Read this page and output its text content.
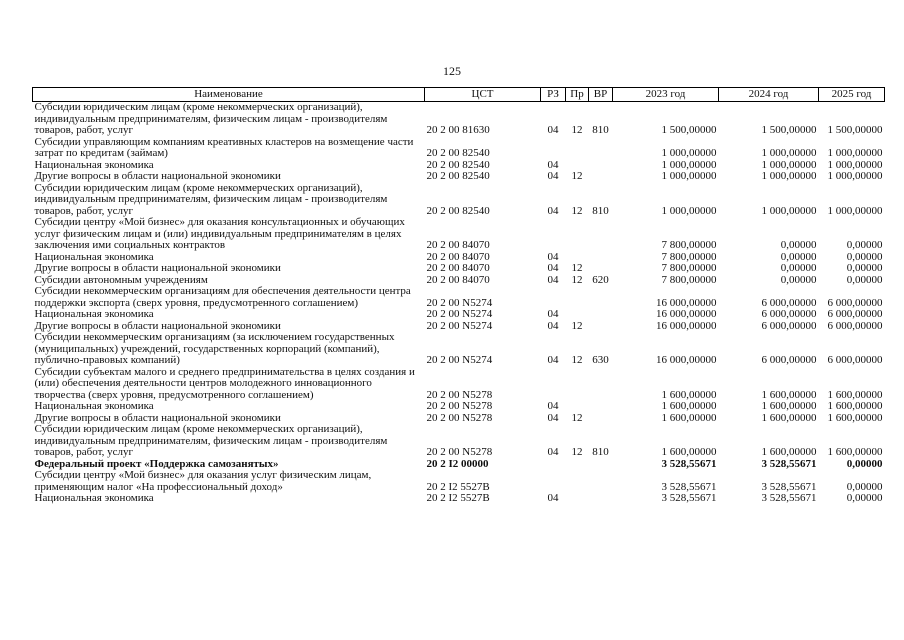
125
Наименование	ЦСТ	РЗ	Пр	ВР	2023 год	2024 год	2025 год
Субсидии юридическим лицам (кроме некоммерческих организаций), индивидуальным предпринимателям, физическим лицам - производителям товаров, работ, услуг	20 2 00 81630	04	12	810	1 500,00000	1 500,00000	1 500,00000
Субсидии управляющим компаниям креативных кластеров на возмещение части затрат по кредитам (займам)	20 2 00 82540				1 000,00000	1 000,00000	1 000,00000
Национальная экономика	20 2 00 82540	04			1 000,00000	1 000,00000	1 000,00000
Другие вопросы в области национальной экономики	20 2 00 82540	04	12		1 000,00000	1 000,00000	1 000,00000
Субсидии юридическим лицам (кроме некоммерческих организаций), индивидуальным предпринимателям, физическим лицам - производителям товаров, работ, услуг	20 2 00 82540	04	12	810	1 000,00000	1 000,00000	1 000,00000
Субсидии центру «Мой бизнес» для оказания консультационных и обучающих услуг физическим лицам и (или) индивидуальным предпринимателям в целях заключения ими социальных контрактов	20 2 00 84070				7 800,00000	0,00000	0,00000
Национальная экономика	20 2 00 84070	04			7 800,00000	0,00000	0,00000
Другие вопросы в области национальной экономики	20 2 00 84070	04	12		7 800,00000	0,00000	0,00000
Субсидии автономным учреждениям	20 2 00 84070	04	12	620	7 800,00000	0,00000	0,00000
Субсидии некоммерческим организациям для обеспечения деятельности центра поддержки экспорта (сверх уровня, предусмотренного соглашением)	20 2 00 N5274				16 000,00000	6 000,00000	6 000,00000
Национальная экономика	20 2 00 N5274	04			16 000,00000	6 000,00000	6 000,00000
Другие вопросы в области национальной экономики	20 2 00 N5274	04	12		16 000,00000	6 000,00000	6 000,00000
Субсидии некоммерческим организациям (за исключением государственных (муниципальных) учреждений, государственных корпораций (компаний), публично-правовых компаний)	20 2 00 N5274	04	12	630	16 000,00000	6 000,00000	6 000,00000
Субсидии субъектам малого и среднего предпринимательства в целях создания и (или) обеспечения деятельности центров молодежного инновационного творчества (сверх уровня, предусмотренного соглашением)	20 2 00 N5278				1 600,00000	1 600,00000	1 600,00000
Национальная экономика	20 2 00 N5278	04			1 600,00000	1 600,00000	1 600,00000
Другие вопросы в области национальной экономики	20 2 00 N5278	04	12		1 600,00000	1 600,00000	1 600,00000
Субсидии юридическим лицам (кроме некоммерческих организаций), индивидуальным предпринимателям, физическим лицам - производителям товаров, работ, услуг	20 2 00 N5278	04	12	810	1 600,00000	1 600,00000	1 600,00000
Федеральный проект «Поддержка самозанятых»	20 2 I2 00000				3 528,55671	3 528,55671	0,00000
Субсидии центру «Мой бизнес» для оказания услуг физическим лицам, применяющим налог «На профессиональный доход»	20 2 I2 5527B				3 528,55671	3 528,55671	0,00000
Национальная экономика	20 2 I2 5527B	04			3 528,55671	3 528,55671	0,00000
